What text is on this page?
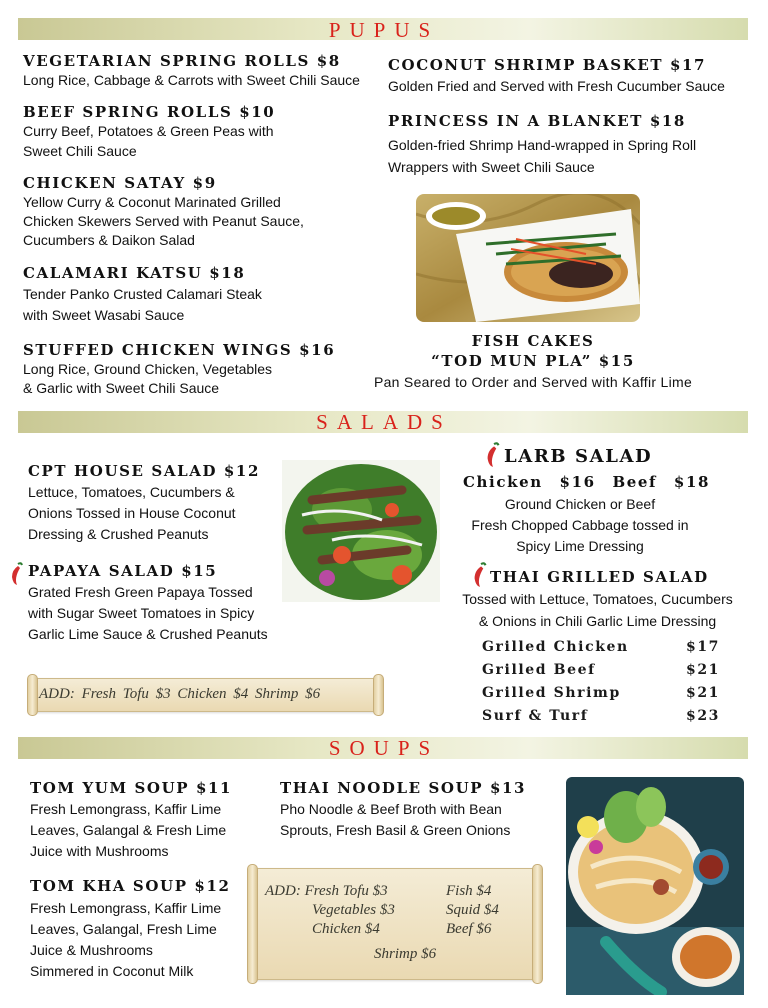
PUPUS
VEGETARIAN SPRING ROLLS $8
Long Rice, Cabbage & Carrots with Sweet Chili Sauce
BEEF SPRING ROLLS $10
Curry Beef, Potatoes & Green Peas with
Sweet Chili Sauce
CHICKEN SATAY $9
Yellow Curry & Coconut Marinated Grilled
Chicken Skewers Served with Peanut Sauce,
Cucumbers & Daikon Salad
CALAMARI KATSU $18
Tender Panko Crusted Calamari Steak
with Sweet Wasabi Sauce
STUFFED CHICKEN WINGS $16
Long Rice, Ground Chicken, Vegetables
& Garlic with Sweet Chili Sauce
COCONUT SHRIMP BASKET $17
Golden Fried and Served with Fresh Cucumber Sauce
PRINCESS IN A BLANKET $18
Golden-fried Shrimp Hand-wrapped in Spring Roll
Wrappers with Sweet Chili Sauce
FISH CAKES
“TOD MUN PLA” $15
Pan Seared to Order and Served with Kaffir Lime
SALADS
CPT HOUSE SALAD $12
Lettuce, Tomatoes, Cucumbers &
Onions Tossed in House Coconut
Dressing & Crushed Peanuts
PAPAYA SALAD $15
Grated Fresh Green Papaya Tossed
with Sugar Sweet Tomatoes in Spicy
Garlic Lime Sauce & Crushed Peanuts
ADD: Fresh Tofu $3 Chicken $4 Shrimp $6
LARB SALAD
Chicken $16 Beef $18
Ground Chicken or Beef
Fresh Chopped Cabbage tossed in
Spicy Lime Dressing
THAI GRILLED SALAD
Tossed with Lettuce, Tomatoes, Cucumbers
& Onions in Chili Garlic Lime Dressing
Grilled Chicken	$17
Grilled Beef	$21
Grilled Shrimp	$21
Surf & Turf	$23
SOUPS
TOM YUM SOUP $11
Fresh Lemongrass, Kaffir Lime
Leaves, Galangal & Fresh Lime
Juice with Mushrooms
THAI NOODLE SOUP $13
Pho Noodle & Beef Broth with Bean
Sprouts, Fresh Basil & Green Onions
TOM KHA SOUP $12
Fresh Lemongrass, Kaffir Lime
Leaves, Galangal, Fresh Lime
Juice & Mushrooms
Simmered in Coconut Milk
ADD: Fresh Tofu $3	Fish $4
Vegetables $3	Squid $4
Chicken $4	Beef $6
Shrimp $6
